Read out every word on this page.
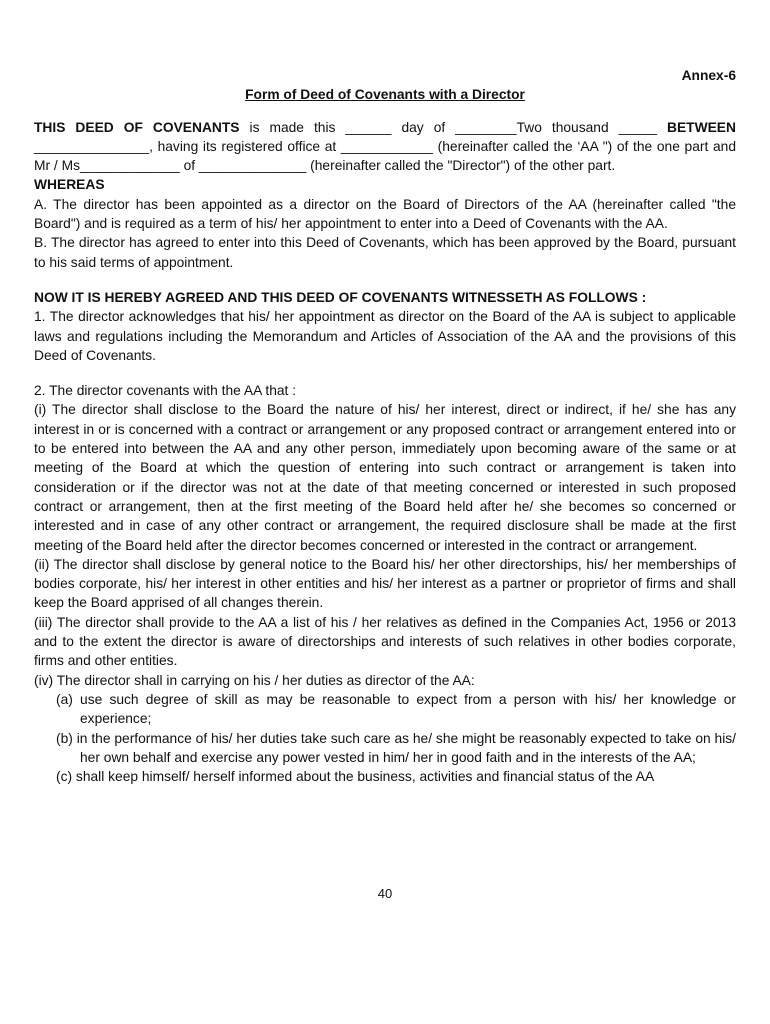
Annex-6
Form of Deed of Covenants with a Director

THIS DEED OF COVENANTS is made this ______ day of ________Two thousand _____ BETWEEN _______________, having its registered office at ____________ (hereinafter called the ‘AA ") of the one part and Mr / Ms_____________ of ______________ (hereinafter called the "Director") of the other part.

WHEREAS

A. The director has been appointed as a director on the Board of Directors of the AA (hereinafter called "the Board") and is required as a term of his/ her appointment to enter into a Deed of Covenants with the AA.

B. The director has agreed to enter into this Deed of Covenants, which has been approved by the Board, pursuant to his said terms of appointment.

NOW IT IS HEREBY AGREED AND THIS DEED OF COVENANTS WITNESSETH AS FOLLOWS :

1. The director acknowledges that his/ her appointment as director on the Board of the AA is subject to applicable laws and regulations including the Memorandum and Articles of Association of the AA and the provisions of this Deed of Covenants.

2. The director covenants with the AA that :

(i) The director shall disclose to the Board the nature of his/ her interest, direct or indirect, if he/ she has any interest in or is concerned with a contract or arrangement or any proposed contract or arrangement entered into or to be entered into between the AA and any other person, immediately upon becoming aware of the same or at meeting of the Board at which the question of entering into such contract or arrangement is taken into consideration or if the director was not at the date of that meeting concerned or interested in such proposed contract or arrangement, then at the first meeting of the Board held after he/ she becomes so concerned or interested and in case of any other contract or arrangement, the required disclosure shall be made at the first meeting of the Board held after the director becomes concerned or interested in the contract or arrangement.

(ii) The director shall disclose by general notice to the Board his/ her other directorships, his/ her memberships of bodies corporate, his/ her interest in other entities and his/ her interest as a partner or proprietor of firms and shall keep the Board apprised of all changes therein.

(iii) The director shall provide to the AA a list of his / her relatives as defined in the Companies Act, 1956 or 2013 and to the extent the director is aware of directorships and interests of such relatives in other bodies corporate, firms and other entities.

(iv) The director shall in carrying on his / her duties as director of the AA:

(a) use such degree of skill as may be reasonable to expect from a person with his/ her knowledge or experience;

(b) in the performance of his/ her duties take such care as he/ she might be reasonably expected to take on his/ her own behalf and exercise any power vested in him/ her in good faith and in the interests of the AA;

(c) shall keep himself/ herself informed about the business, activities and financial status of the AA

40
